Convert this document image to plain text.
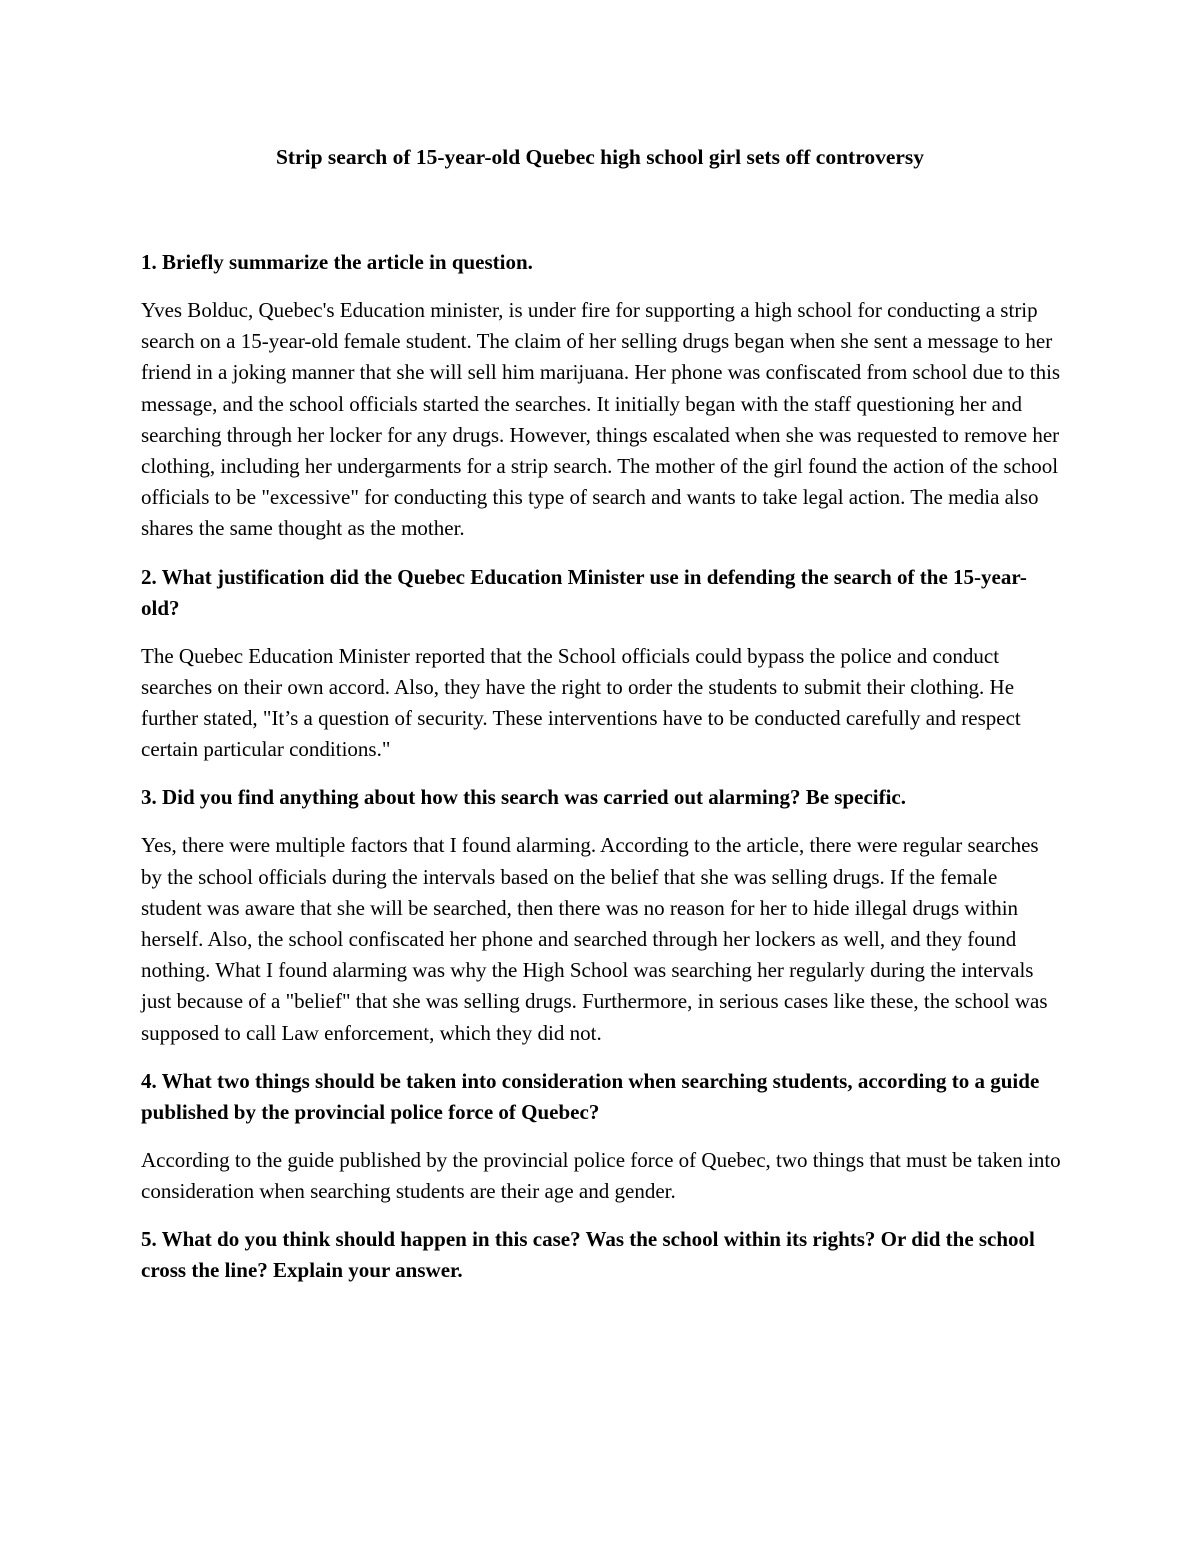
Strip search of 15-year-old Quebec high school girl sets off controversy

1. Briefly summarize the article in question.

Yves Bolduc, Quebec's Education minister, is under fire for supporting a high school for conducting a strip search on a 15-year-old female student. The claim of her selling drugs began when she sent a message to her friend in a joking manner that she will sell him marijuana. Her phone was confiscated from school due to this message, and the school officials started the searches. It initially began with the staff questioning her and searching through her locker for any drugs. However, things escalated when she was requested to remove her clothing, including her undergarments for a strip search. The mother of the girl found the action of the school officials to be "excessive" for conducting this type of search and wants to take legal action. The media also shares the same thought as the mother.

2. What justification did the Quebec Education Minister use in defending the search of the 15-year-old?

The Quebec Education Minister reported that the School officials could bypass the police and conduct searches on their own accord. Also, they have the right to order the students to submit their clothing. He further stated, "It’s a question of security. These interventions have to be conducted carefully and respect certain particular conditions."

3. Did you find anything about how this search was carried out alarming? Be specific.

Yes, there were multiple factors that I found alarming. According to the article, there were regular searches by the school officials during the intervals based on the belief that she was selling drugs. If the female student was aware that she will be searched, then there was no reason for her to hide illegal drugs within herself. Also, the school confiscated her phone and searched through her lockers as well, and they found nothing. What I found alarming was why the High School was searching her regularly during the intervals just because of a "belief" that she was selling drugs. Furthermore, in serious cases like these, the school was supposed to call Law enforcement, which they did not.

4. What two things should be taken into consideration when searching students, according to a guide published by the provincial police force of Quebec?

According to the guide published by the provincial police force of Quebec, two things that must be taken into consideration when searching students are their age and gender.

5. What do you think should happen in this case? Was the school within its rights? Or did the school cross the line? Explain your answer.
